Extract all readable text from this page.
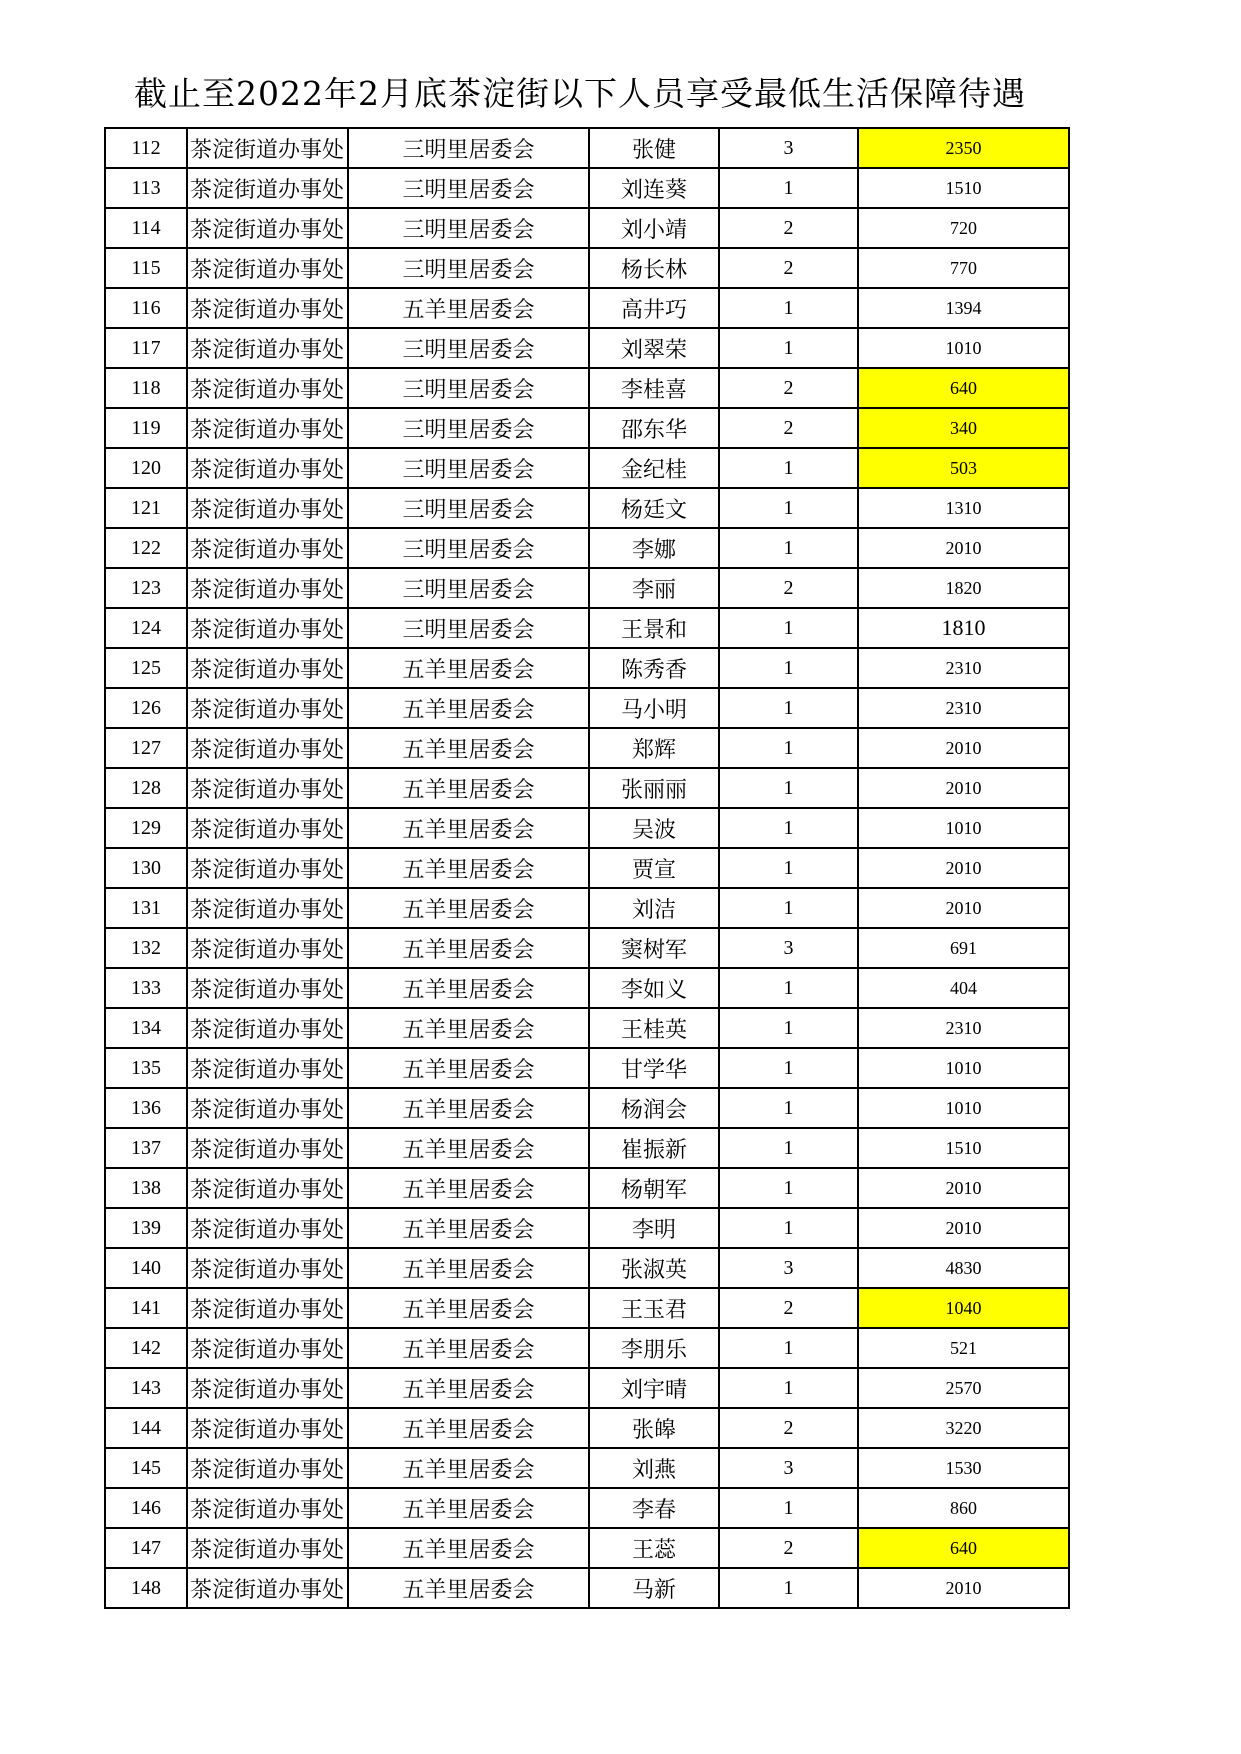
截止至2022年2月底茶淀街以下人员享受最低生活保障待遇
112	茶淀街道办事处	三明里居委会	张健	3	2350
113	茶淀街道办事处	三明里居委会	刘连葵	1	1510
114	茶淀街道办事处	三明里居委会	刘小靖	2	720
115	茶淀街道办事处	三明里居委会	杨长林	2	770
116	茶淀街道办事处	五羊里居委会	高井巧	1	1394
117	茶淀街道办事处	三明里居委会	刘翠荣	1	1010
118	茶淀街道办事处	三明里居委会	李桂喜	2	640
119	茶淀街道办事处	三明里居委会	邵东华	2	340
120	茶淀街道办事处	三明里居委会	金纪桂	1	503
121	茶淀街道办事处	三明里居委会	杨廷文	1	1310
122	茶淀街道办事处	三明里居委会	李娜	1	2010
123	茶淀街道办事处	三明里居委会	李丽	2	1820
124	茶淀街道办事处	三明里居委会	王景和	1	1810
125	茶淀街道办事处	五羊里居委会	陈秀香	1	2310
126	茶淀街道办事处	五羊里居委会	马小明	1	2310
127	茶淀街道办事处	五羊里居委会	郑辉	1	2010
128	茶淀街道办事处	五羊里居委会	张丽丽	1	2010
129	茶淀街道办事处	五羊里居委会	吴波	1	1010
130	茶淀街道办事处	五羊里居委会	贾宣	1	2010
131	茶淀街道办事处	五羊里居委会	刘洁	1	2010
132	茶淀街道办事处	五羊里居委会	窦树军	3	691
133	茶淀街道办事处	五羊里居委会	李如义	1	404
134	茶淀街道办事处	五羊里居委会	王桂英	1	2310
135	茶淀街道办事处	五羊里居委会	甘学华	1	1010
136	茶淀街道办事处	五羊里居委会	杨润会	1	1010
137	茶淀街道办事处	五羊里居委会	崔振新	1	1510
138	茶淀街道办事处	五羊里居委会	杨朝军	1	2010
139	茶淀街道办事处	五羊里居委会	李明	1	2010
140	茶淀街道办事处	五羊里居委会	张淑英	3	4830
141	茶淀街道办事处	五羊里居委会	王玉君	2	1040
142	茶淀街道办事处	五羊里居委会	李朋乐	1	521
143	茶淀街道办事处	五羊里居委会	刘宇晴	1	2570
144	茶淀街道办事处	五羊里居委会	张皞	2	3220
145	茶淀街道办事处	五羊里居委会	刘燕	3	1530
146	茶淀街道办事处	五羊里居委会	李春	1	860
147	茶淀街道办事处	五羊里居委会	王蕊	2	640
148	茶淀街道办事处	五羊里居委会	马新	1	2010
